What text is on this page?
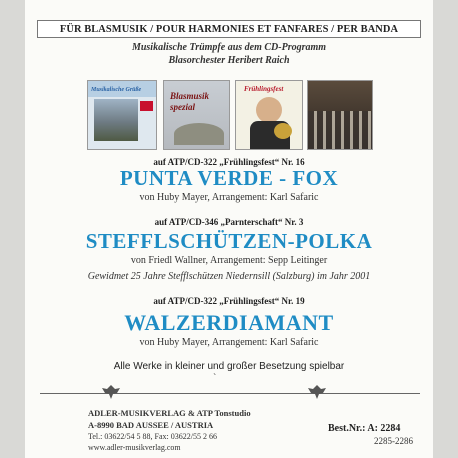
FÜR BLASMUSIK / POUR HARMONIES ET FANFARES / PER BANDA
Musikalische Trümpfe aus dem CD-Programm
Blasorchester Heribert Raich
Musikalische Grüße
Blasmusik spezial
Frühlingsfest
auf ATP/CD-322 „Frühlingsfest“ Nr. 16
PUNTA VERDE - FOX
von Huby Mayer, Arrangement: Karl Safaric
auf ATP/CD-346 „Parnterschaft“ Nr. 3
STEFFLSCHÜTZEN-POLKA
von Friedl Wallner, Arrangement: Sepp Leitinger
Gewidmet 25 Jahre Stefflschützen Niedernsill (Salzburg) im Jahr 2001
auf ATP/CD-322 „Frühlingsfest“ Nr. 19
WALZERDIAMANT
von Huby Mayer, Arrangement: Karl Safaric
Alle Werke in kleiner und großer Besetzung spielbar
`
ADLER-MUSIKVERLAG & ATP Tonstudio
A-8990 BAD AUSSEE / AUSTRIA
Tel.: 03622/54 5 88, Fax: 03622/55 2 66
www.adler-musikverlag.com
Best.Nr.: A: 2284
2285-2286
